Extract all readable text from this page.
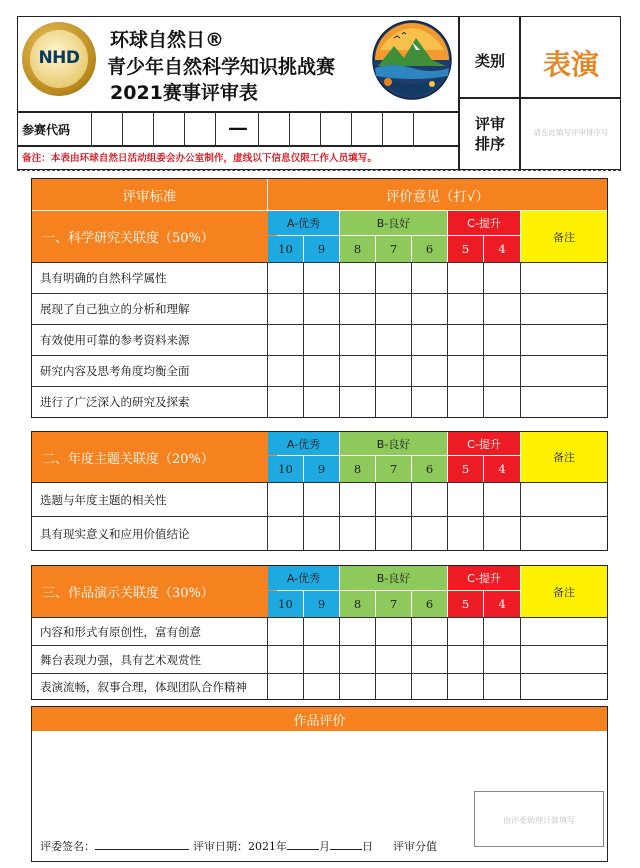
NHD
环球自然日®
青少年自然科学知识挑战赛
2021赛事评审表
类别	表演
评审
排序
请在此填写评审排序号
参赛代码	—
备注：本表由环球自然日活动组委会办公室制作，虚线以下信息仅限工作人员填写。
评审标准	评价意见（打√）
一、科学研究关联度（50%）
A-优秀	B-良好	C-提升
备注
10	9	8	7	6	5	4
具有明确的自然科学属性
展现了自己独立的分析和理解
有效使用可靠的参考资料来源
研究内容及思考角度均衡全面
进行了广泛深入的研究及探索
二、年度主题关联度（20%）
A-优秀	B-良好	C-提升
备注
10	9	8	7	6	5	4
选题与年度主题的相关性
具有现实意义和应用价值结论
三、作品演示关联度（30%）
A-优秀	B-良好	C-提升
备注
10	9	8	7	6	5	4
内容和形式有原创性，富有创意
舞台表现力强，具有艺术观赏性
表演流畅，叙事合理，体现团队合作精神
作品评价
由评委助理计算填写
评委签名：	评审日期：2021年	月	日 评审分值
